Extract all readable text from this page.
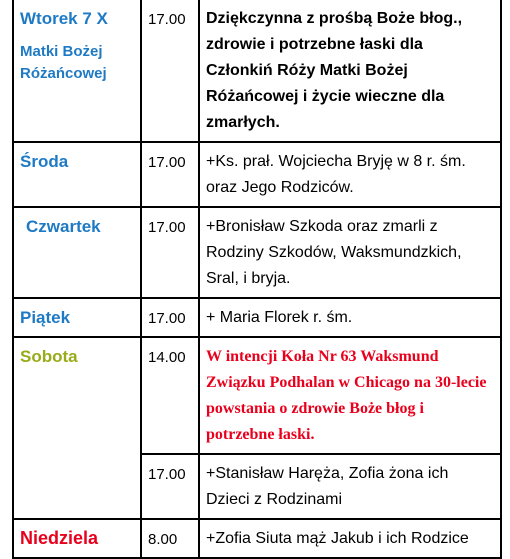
Wtorek 7 X
Matki Bożej Różańcowej	17.00	Dziękczynna z prośbą Boże błog., zdrowie i potrzebne łaski dla Członkiń Róży Matki Bożej Różańcowej i życie wieczne dla zmarłych.

Środa	17.00	+Ks. prał. Wojciecha Bryję w 8 r. śm. oraz Jego Rodziców.

Czwartek	17.00	+Bronisław Szkoda oraz zmarli z Rodziny Szkodów, Waksmundzkich, Sral, i bryja.

Piątek	17.00	+ Maria Florek r. śm.

Sobota	14.00	W intencji Koła Nr 63 Waksmund Związku Podhalan w Chicago na 30-lecie powstania o zdrowie Boże błog i potrzebne łaski.

	17.00	+Stanisław Haręża, Zofia żona ich Dzieci z Rodzinami

Niedziela	8.00	+Zofia Siuta mąż Jakub i ich Rodzice
